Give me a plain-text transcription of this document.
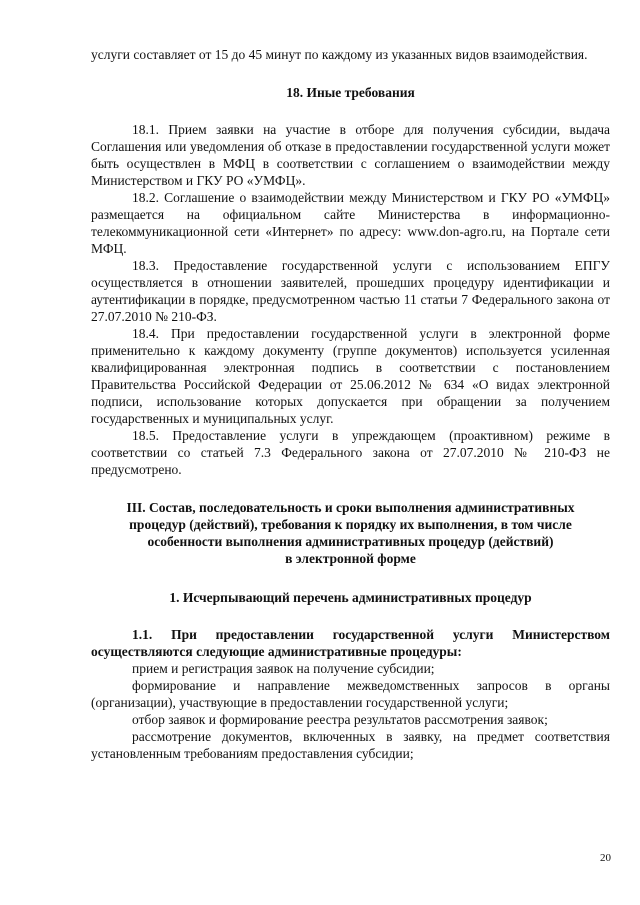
услуги составляет от 15 до 45 минут по каждому из указанных видов взаимодействия.

18. Иные требования

18.1. Прием заявки на участие в отборе для получения субсидии, выдача Соглашения или уведомления об отказе в предоставлении государственной услуги может быть осуществлен в МФЦ в соответствии с соглашением о взаимодействии между Министерством и ГКУ РО «УМФЦ».

18.2. Соглашение о взаимодействии между Министерством и ГКУ РО «УМФЦ» размещается на официальном сайте Министерства в информационно-телекоммуникационной сети «Интернет» по адресу: www.don-agro.ru, на Портале сети МФЦ.

18.3. Предоставление государственной услуги с использованием ЕПГУ осуществляется в отношении заявителей, прошедших процедуру идентификации и аутентификации в порядке, предусмотренном частью 11 статьи 7 Федерального закона от 27.07.2010 № 210-ФЗ.

18.4. При предоставлении государственной услуги в электронной форме применительно к каждому документу (группе документов) используется усиленная квалифицированная электронная подпись в соответствии с постановлением Правительства Российской Федерации от 25.06.2012 № 634 «О видах электронной подписи, использование которых допускается при обращении за получением государственных и муниципальных услуг.

18.5. Предоставление услуги в упреждающем (проактивном) режиме в соответствии со статьей 7.3 Федерального закона от 27.07.2010 № 210-ФЗ не предусмотрено.

III. Состав, последовательность и сроки выполнения административных
процедур (действий), требования к порядку их выполнения, в том числе
особенности выполнения административных процедур (действий)
в электронной форме

1. Исчерпывающий перечень административных процедур

1.1. При предоставлении государственной услуги Министерством осуществляются следующие административные процедуры:

прием и регистрация заявок на получение субсидии;

формирование и направление межведомственных запросов в органы (организации), участвующие в предоставлении государственной услуги;

отбор заявок и формирование реестра результатов рассмотрения заявок;

рассмотрение документов, включенных в заявку, на предмет соответствия установленным требованиям предоставления субсидии;

20
